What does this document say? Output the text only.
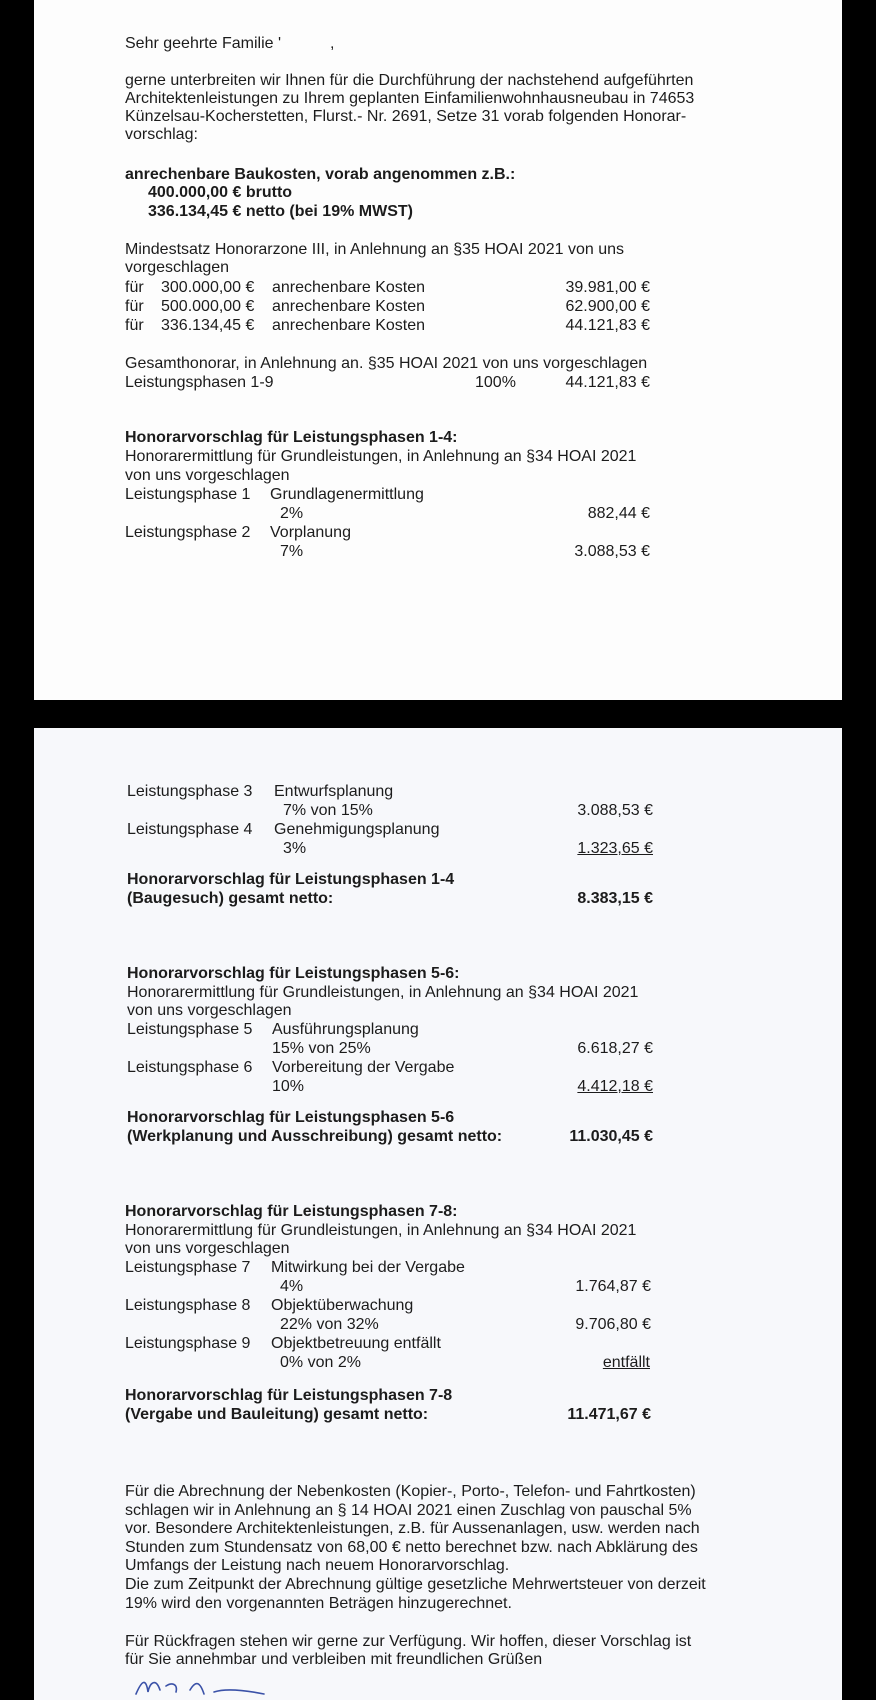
Sehr geehrte Familie '	,
gerne unterbreiten wir Ihnen für die Durchführung der nachstehend aufgeführten
Architektenleistungen zu Ihrem geplanten Einfamilienwohnhausneubau in 74653
Künzelsau-Kocherstetten, Flurst.- Nr. 2691, Setze 31 vorab folgenden Honorar-
vorschlag:
anrechenbare Baukosten, vorab angenommen z.B.:
400.000,00 € brutto
336.134,45 € netto (bei 19% MWST)
Mindestsatz Honorarzone III, in Anlehnung an §35 HOAI 2021 von uns
vorgeschlagen
für 300.000,00 € anrechenbare Kosten	39.981,00 €
für 500.000,00 € anrechenbare Kosten	62.900,00 €
für 336.134,45 € anrechenbare Kosten	44.121,83 €
Gesamthonorar, in Anlehnung an. §35 HOAI 2021 von uns vorgeschlagen
Leistungsphasen 1-9	100%	44.121,83 €
Honorarvorschlag für Leistungsphasen 1-4:
Honorarermittlung für Grundleistungen, in Anlehnung an §34 HOAI 2021
von uns vorgeschlagen
Leistungsphase 1 Grundlagenermittlung
2%	882,44 €
Leistungsphase 2 Vorplanung
7%	3.088,53 €
Leistungsphase 3 Entwurfsplanung
7% von 15%	3.088,53 €
Leistungsphase 4 Genehmigungsplanung
3%	1.323,65 €
Honorarvorschlag für Leistungsphasen 1-4
(Baugesuch) gesamt netto:	8.383,15 €
Honorarvorschlag für Leistungsphasen 5-6:
Honorarermittlung für Grundleistungen, in Anlehnung an §34 HOAI 2021
von uns vorgeschlagen
Leistungsphase 5 Ausführungsplanung
15% von 25%	6.618,27 €
Leistungsphase 6 Vorbereitung der Vergabe
10%	4.412,18 €
Honorarvorschlag für Leistungsphasen 5-6
(Werkplanung und Ausschreibung) gesamt netto:	11.030,45 €
Honorarvorschlag für Leistungsphasen 7-8:
Honorarermittlung für Grundleistungen, in Anlehnung an §34 HOAI 2021
von uns vorgeschlagen
Leistungsphase 7 Mitwirkung bei der Vergabe
4%	1.764,87 €
Leistungsphase 8 Objektüberwachung
22% von 32%	9.706,80 €
Leistungsphase 9 Objektbetreuung entfällt
0% von 2%	entfällt
Honorarvorschlag für Leistungsphasen 7-8
(Vergabe und Bauleitung) gesamt netto:	11.471,67 €
Für die Abrechnung der Nebenkosten (Kopier-, Porto-, Telefon- und Fahrtkosten)
schlagen wir in Anlehnung an § 14 HOAI 2021 einen Zuschlag von pauschal 5%
vor. Besondere Architektenleistungen, z.B. für Aussenanlagen, usw. werden nach
Stunden zum Stundensatz von 68,00 € netto berechnet bzw. nach Abklärung des
Umfangs der Leistung nach neuem Honorarvorschlag.
Die zum Zeitpunkt der Abrechnung gültige gesetzliche Mehrwertsteuer von derzeit
19% wird den vorgenannten Beträgen hinzugerechnet.
Für Rückfragen stehen wir gerne zur Verfügung. Wir hoffen, dieser Vorschlag ist
für Sie annehmbar und verbleiben mit freundlichen Grüßen
